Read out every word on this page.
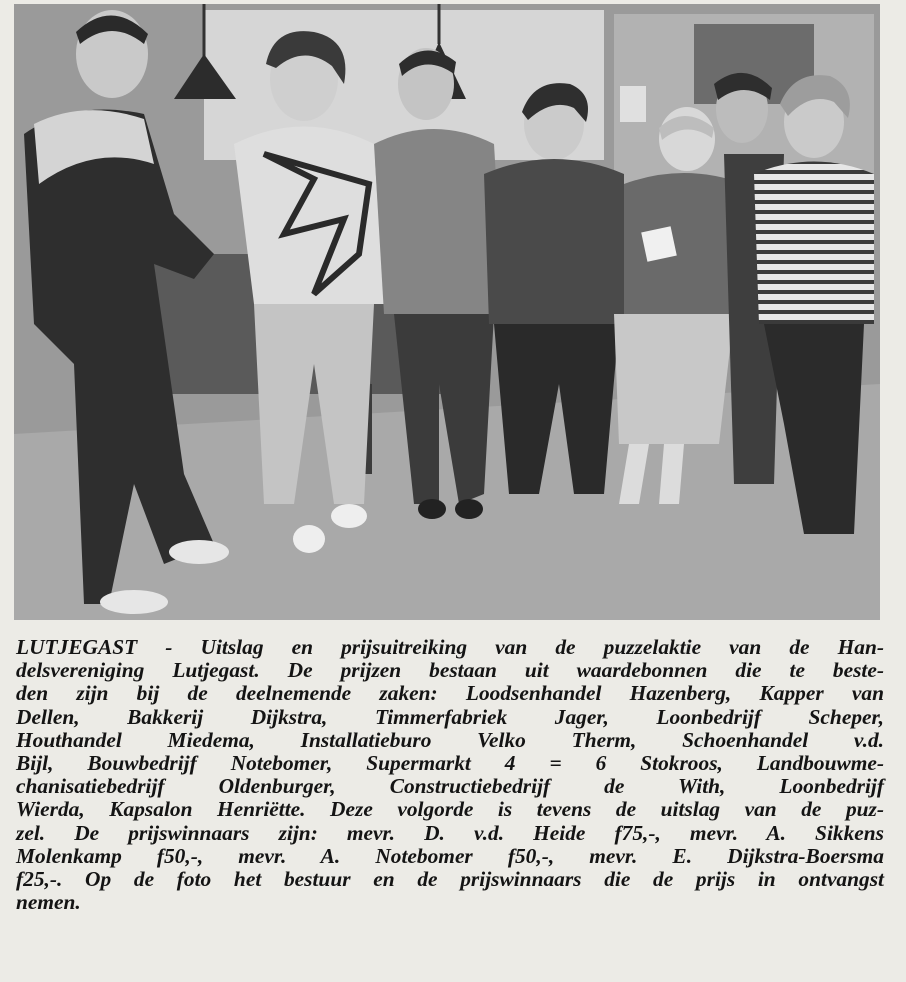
LUTJEGAST - Uitslag en prijsuitreiking van de puzzelaktie van de Han-
delsvereniging Lutjegast. De prijzen bestaan uit waardebonnen die te beste-
den zijn bij de deelnemende zaken: Loodsenhandel Hazenberg, Kapper van
Dellen, Bakkerij Dijkstra, Timmerfabriek Jager, Loonbedrijf Scheper,
Houthandel Miedema, Installatieburo Velko Therm, Schoenhandel v.d.
Bijl, Bouwbedrijf Notebomer, Supermarkt 4 = 6 Stokroos, Landbouwme-
chanisatiebedrijf Oldenburger, Constructiebedrijf de With, Loonbedrijf
Wierda, Kapsalon Henriëtte. Deze volgorde is tevens de uitslag van de puz-
zel. De prijswinnaars zijn: mevr. D. v.d. Heide f75,-, mevr. A. Sikkens
Molenkamp f50,-, mevr. A. Notebomer f50,-, mevr. E. Dijkstra-Boersma
f25,-. Op de foto het bestuur en de prijswinnaars die de prijs in ontvangst
nemen.
